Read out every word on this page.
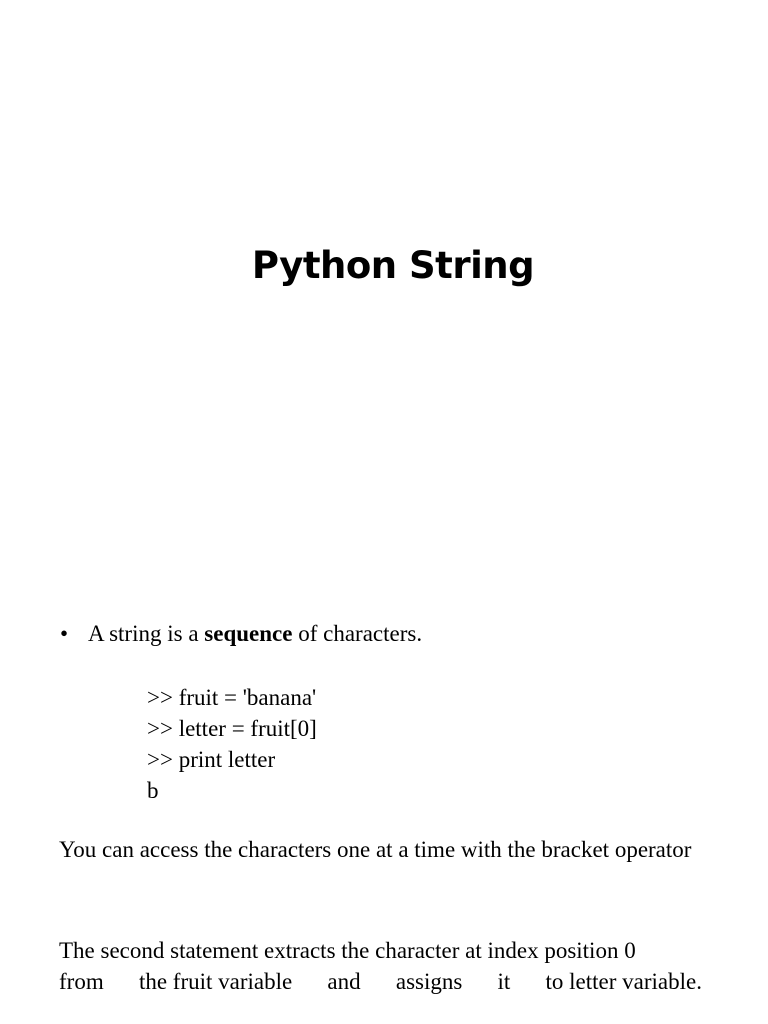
Python String
• A string is a sequence of characters.
>> fruit = 'banana'
>> letter = fruit[0]
>> print letter
b
You can access the characters one at a time with the bracket operator
The second statement extracts the character at index position 0
from the fruit variable and assigns it to letter variable.
